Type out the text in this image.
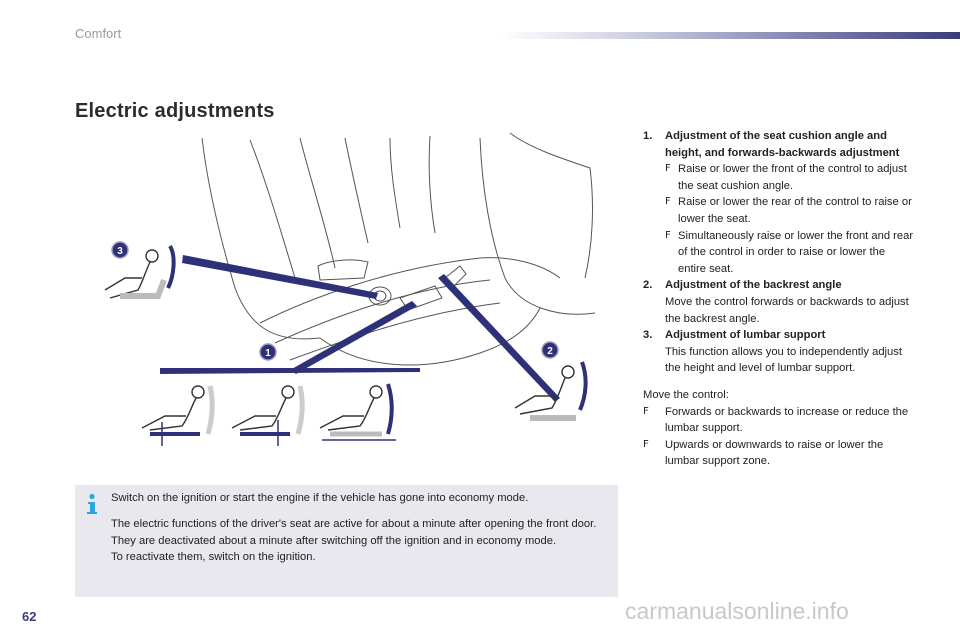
Comfort
Electric adjustments
3
1	2
1.	Adjustment of the seat cushion angle and height, and forwards-backwards adjustment
F Raise or lower the front of the control to adjust the seat cushion angle.
F Raise or lower the rear of the control to raise or lower the seat.
F Simultaneously raise or lower the front and rear of the control in order to raise or lower the entire seat.
2.	Adjustment of the backrest angle
Move the control forwards or backwards to adjust the backrest angle.
3.	Adjustment of lumbar support
This function allows you to independently adjust the height and level of lumbar support.
Move the control:
F	Forwards or backwards to increase or reduce the lumbar support.
F	Upwards or downwards to raise or lower the lumbar support zone.

Switch on the ignition or start the engine if the vehicle has gone into economy mode.

The electric functions of the driver's seat are active for about a minute after opening the front door. They are deactivated about a minute after switching off the ignition and in economy mode.
To reactivate them, switch on the ignition.

62	carmanualsonline.info
